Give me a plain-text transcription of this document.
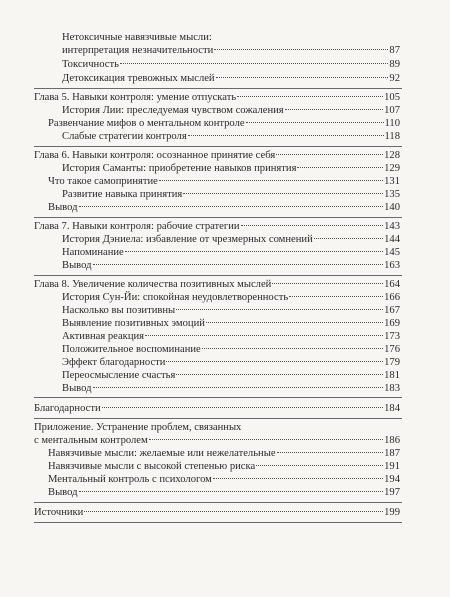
Нетоксичные навязчивые мысли:
интерпретация незначительности	87
Токсичность	89
Детоксикация тревожных мыслей	92
Глава 5. Навыки контроля: умение отпускать	105
История Лии: преследуемая чувством сожаления	107
Развенчание мифов о ментальном контроле	110
Слабые стратегии контроля	118
Глава 6. Навыки контроля: осознанное принятие себя	128
История Саманты: приобретение навыков принятия	129
Что такое самопринятие	131
Развитие навыка принятия	135
Вывод	140
Глава 7. Навыки контроля: рабочие стратегии	143
История Дэниела: избавление от чрезмерных сомнений	144
Напоминание	145
Вывод	163
Глава 8. Увеличение количества позитивных мыслей	164
История Сун-Йи: спокойная неудовлетворенность	166
Насколько вы позитивны	167
Выявление позитивных эмоций	169
Активная реакция	173
Положительное воспоминание	176
Эффект благодарности	179
Переосмысление счастья	181
Вывод	183
Благодарности	184
Приложение. Устранение проблем, связанных
с ментальным контролем	186
Навязчивые мысли: желаемые или нежелательные	187
Навязчивые мысли с высокой степенью риска	191
Ментальный контроль с психологом	194
Вывод	197
Источники	199
